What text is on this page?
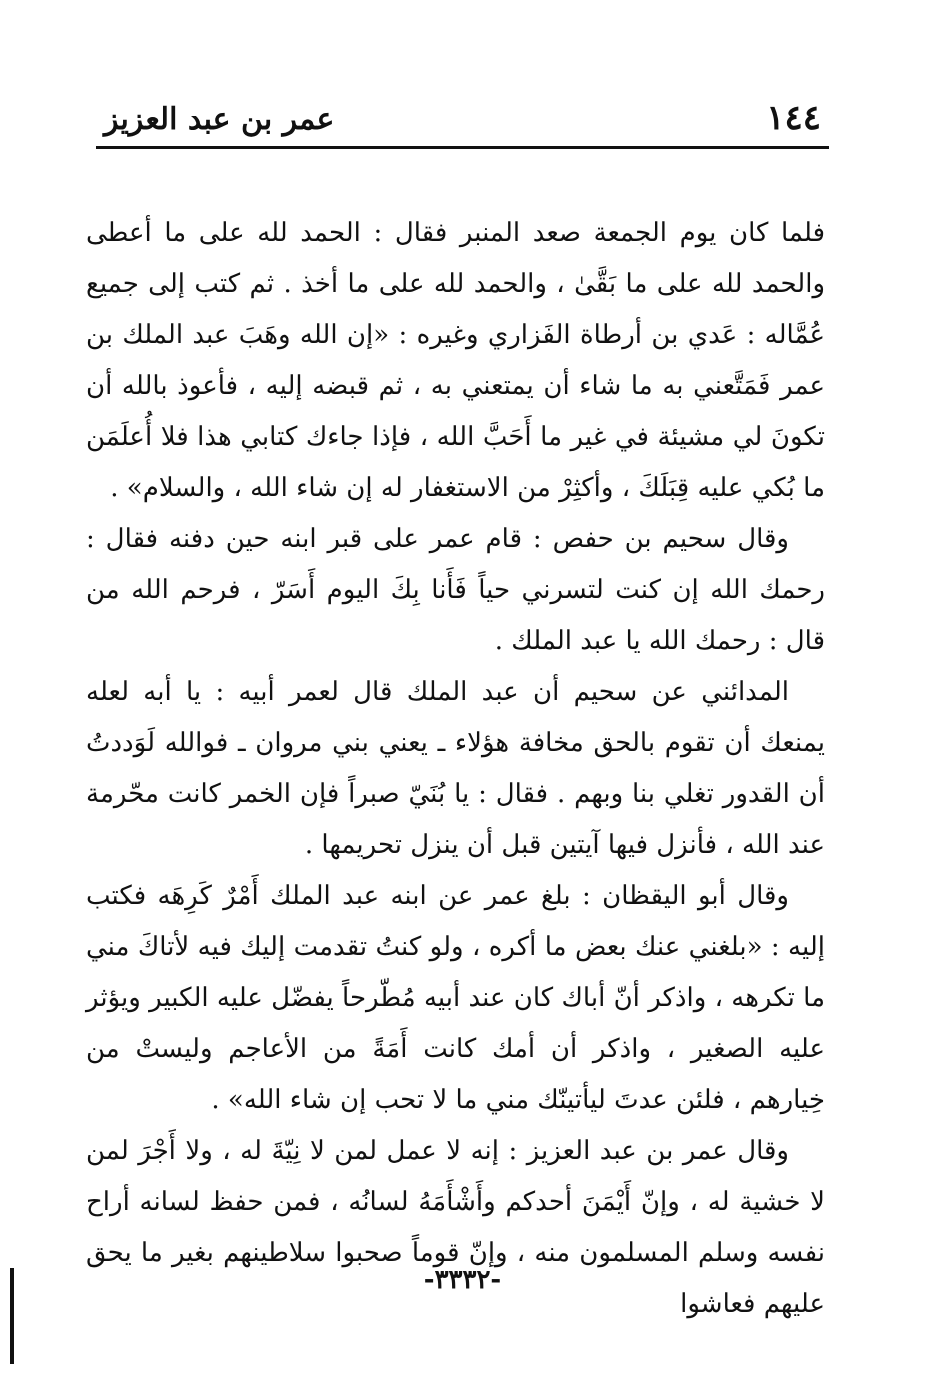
١٤٤
عمر بن عبد العزيز

فلما كان يوم الجمعة صعد المنبر فقال : الحمد لله على ما أعطى والحمد لله على ما بَقَّىٰ ، والحمد لله على ما أخذ . ثم كتب إلى جميع عُمَّاله : عَدي بن أرطاة الفَزاري وغيره : «إن الله وهَبَ عبد الملك بن عمر فَمَتَّعني به ما شاء أن يمتعني به ، ثم قبضه إليه ، فأعوذ بالله أن تكونَ لي مشيئة في غير ما أَحَبَّ الله ، فإذا جاءك كتابي هذا فلا أُعلَمَن ما بُكي عليه قِبَلَكَ ، وأكثِرْ من الاستغفار له إن شاء الله ، والسلام» .

وقال سحيم بن حفص : قام عمر على قبر ابنه حين دفنه فقال : رحمك الله إن كنت لتسرني حياً فَأَنا بِكَ اليوم أَسَرّ ، فرحم الله من قال : رحمك الله يا عبد الملك .

المدائني عن سحيم أن عبد الملك قال لعمر أبيه : يا أبه لعله يمنعك أن تقوم بالحق مخافة هؤلاء ـ يعني بني مروان ـ فوالله لَوَددتُ أن القدور تغلي بنا وبهم . فقال : يا بُنَيّ صبراً فإن الخمر كانت محّرمة عند الله ، فأنزل فيها آيتين قبل أن ينزل تحريمها .

وقال أبو اليقظان : بلغ عمر عن ابنه عبد الملك أَمْرٌ كَرِهَه فكتب إليه : «بلغني عنك بعض ما أكره ، ولو كنتُ تقدمت إليك فيه لأتاكَ مني ما تكرهه ، واذكر أنّ أباك كان عند أبيه مُطّرحاً يفضّل عليه الكبير ويؤثر عليه الصغير ، واذكر أن أمك كانت أَمَةً من الأعاجم وليستْ من خِيارهم ، فلئن عدتَ ليأتينّك مني ما لا تحب إن شاء الله» .

وقال عمر بن عبد العزيز : إنه لا عمل لمن لا نِيّةَ له ، ولا أَجْرَ لمن لا خشية له ، وإنّ أَيْمَنَ أحدكم وأَشْأَمَهُ لسانُه ، فمن حفظ لسانه أراح نفسه وسلم المسلمون منه ، وإنّ قوماً صحبوا سلاطينهم بغير ما يحق عليهم فعاشوا

-٣٣٣٢-
